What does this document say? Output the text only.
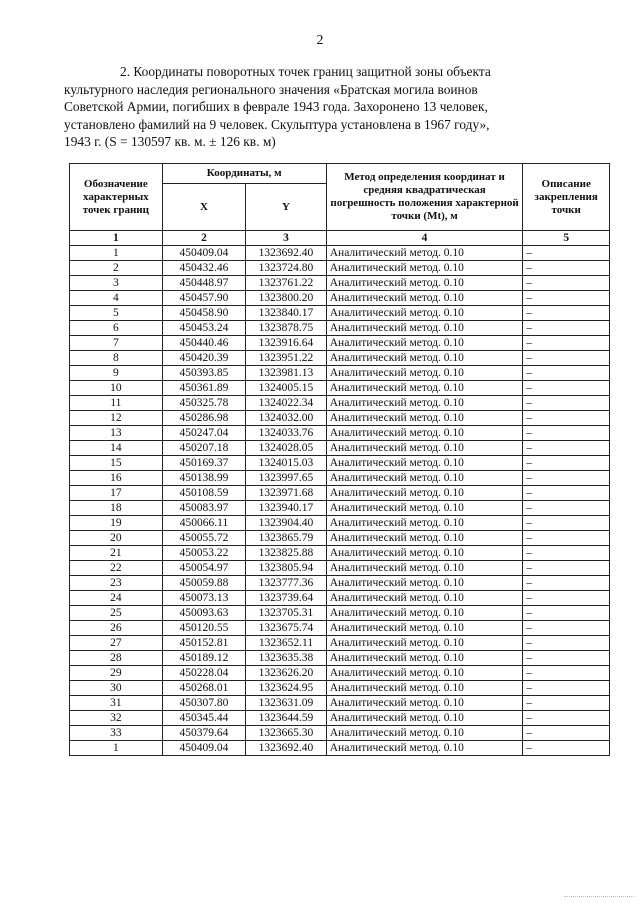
2
2. Координаты поворотных точек границ защитной зоны объекта
культурного наследия регионального значения «Братская могила воинов
Советской Армии, погибших в феврале 1943 года. Захоронено 13 человек,
установлено фамилий на 9 человек. Скульптура установлена в 1967 году»,
1943 г. (S = 130597 кв. м. ± 126 кв. м)
Обозначение характерных точек границ	Координаты, м		Метод определения координат и средняя квадратическая погрешность положения характерной точки (Mt), м	Описание закрепления точки
	X	Y		
1	2	3	4	5
1	450409.04	1323692.40	Аналитический метод. 0.10	–
2	450432.46	1323724.80	Аналитический метод. 0.10	–
3	450448.97	1323761.22	Аналитический метод. 0.10	–
4	450457.90	1323800.20	Аналитический метод. 0.10	–
5	450458.90	1323840.17	Аналитический метод. 0.10	–
6	450453.24	1323878.75	Аналитический метод. 0.10	–
7	450440.46	1323916.64	Аналитический метод. 0.10	–
8	450420.39	1323951.22	Аналитический метод. 0.10	–
9	450393.85	1323981.13	Аналитический метод. 0.10	–
10	450361.89	1324005.15	Аналитический метод. 0.10	–
11	450325.78	1324022.34	Аналитический метод. 0.10	–
12	450286.98	1324032.00	Аналитический метод. 0.10	–
13	450247.04	1324033.76	Аналитический метод. 0.10	–
14	450207.18	1324028.05	Аналитический метод. 0.10	–
15	450169.37	1324015.03	Аналитический метод. 0.10	–
16	450138.99	1323997.65	Аналитический метод. 0.10	–
17	450108.59	1323971.68	Аналитический метод. 0.10	–
18	450083.97	1323940.17	Аналитический метод. 0.10	–
19	450066.11	1323904.40	Аналитический метод. 0.10	–
20	450055.72	1323865.79	Аналитический метод. 0.10	–
21	450053.22	1323825.88	Аналитический метод. 0.10	–
22	450054.97	1323805.94	Аналитический метод. 0.10	–
23	450059.88	1323777.36	Аналитический метод. 0.10	–
24	450073.13	1323739.64	Аналитический метод. 0.10	–
25	450093.63	1323705.31	Аналитический метод. 0.10	–
26	450120.55	1323675.74	Аналитический метод. 0.10	–
27	450152.81	1323652.11	Аналитический метод. 0.10	–
28	450189.12	1323635.38	Аналитический метод. 0.10	–
29	450228.04	1323626.20	Аналитический метод. 0.10	–
30	450268.01	1323624.95	Аналитический метод. 0.10	–
31	450307.80	1323631.09	Аналитический метод. 0.10	–
32	450345.44	1323644.59	Аналитический метод. 0.10	–
33	450379.64	1323665.30	Аналитический метод. 0.10	–
1	450409.04	1323692.40	Аналитический метод. 0.10	–
